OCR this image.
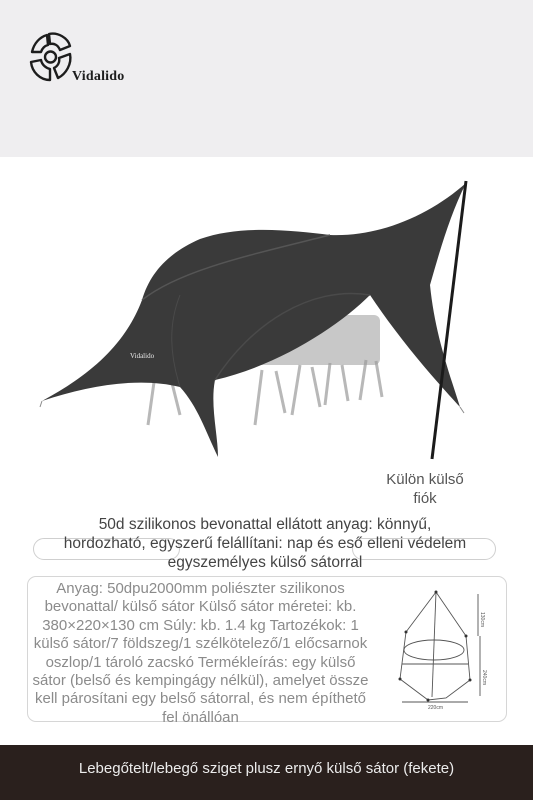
Vidalido
Vidalido
Külön külső
fiók
50d szilikonos bevonattal ellátott anyag: könnyű, hordozható, egyszerű felállítani: nap és eső elleni védelem egyszemélyes külső sátorral
Anyag: 50dpu2000mm poliészter szilikonos bevonattal/ külső sátor Külső sátor méretei: kb. 380×220×130 cm Súly: kb. 1.4 kg Tartozékok: 1 külső sátor/7 földszeg/1 szélkötelező/1 előcsarnok oszlop/1 tároló zacskó Termékleírás: egy külső sátor (belső és kempingágy nélkül), amelyet össze kell párosítani egy belső sátorral, és nem építhető fel önállóan
220cm
240cm
130cm
Lebegőtelt/lebegő sziget plusz ernyő külső sátor (fekete)
